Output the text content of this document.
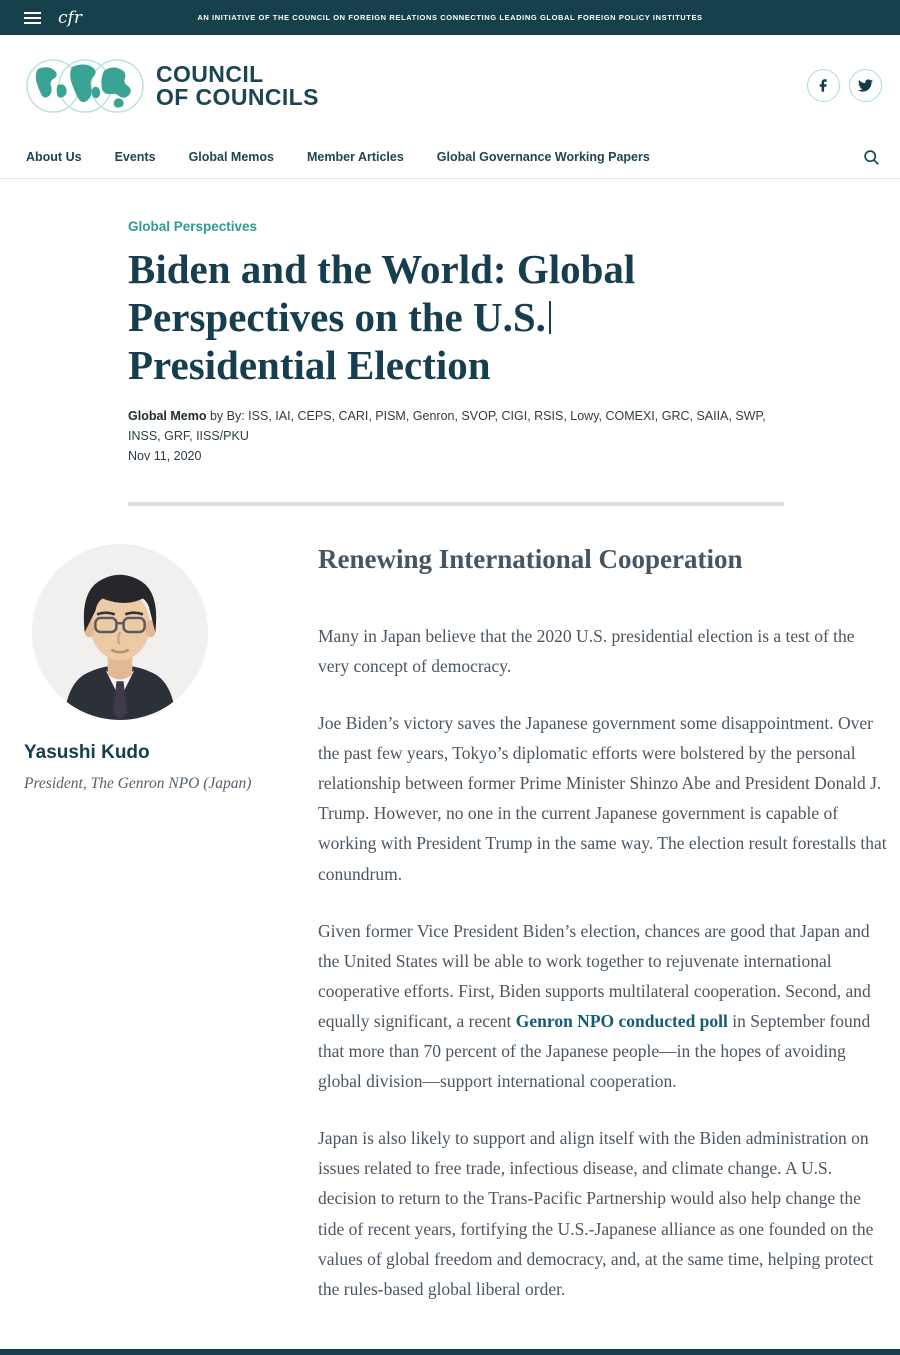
cfr	AN INITIATIVE OF THE COUNCIL ON FOREIGN RELATIONS CONNECTING LEADING GLOBAL FOREIGN POLICY INSTITUTES
COUNCIL
OF COUNCILS
About Us	Events	Global Memos	Member Articles	Global Governance Working Papers
Global Perspectives
Biden and the World: Global Perspectives on the U.S. Presidential Election
Global Memo by By: ISS, IAI, CEPS, CARI, PISM, Genron, SVOP, CIGI, RSIS, Lowy, COMEXI, GRC, SAIIA, SWP, INSS, GRF, IISS/PKU
Nov 11, 2020
Yasushi Kudo
President, The Genron NPO (Japan)
Renewing International Cooperation

Many in Japan believe that the 2020 U.S. presidential election is a test of the very concept of democracy.

Joe Biden’s victory saves the Japanese government some disappointment. Over the past few years, Tokyo’s diplomatic efforts were bolstered by the personal relationship between former Prime Minister Shinzo Abe and President Donald J. Trump. However, no one in the current Japanese government is capable of working with President Trump in the same way. The election result forestalls that conundrum.

Given former Vice President Biden’s election, chances are good that Japan and the United States will be able to work together to rejuvenate international cooperative efforts. First, Biden supports multilateral cooperation. Second, and equally significant, a recent Genron NPO conducted poll in September found that more than 70 percent of the Japanese people—in the hopes of avoiding global division—support international cooperation.

Japan is also likely to support and align itself with the Biden administration on issues related to free trade, infectious disease, and climate change. A U.S. decision to return to the Trans-Pacific Partnership would also help change the tide of recent years, fortifying the U.S.-Japanese alliance as one founded on the values of global freedom and democracy, and, at the same time, helping protect the rules-based global liberal order.
